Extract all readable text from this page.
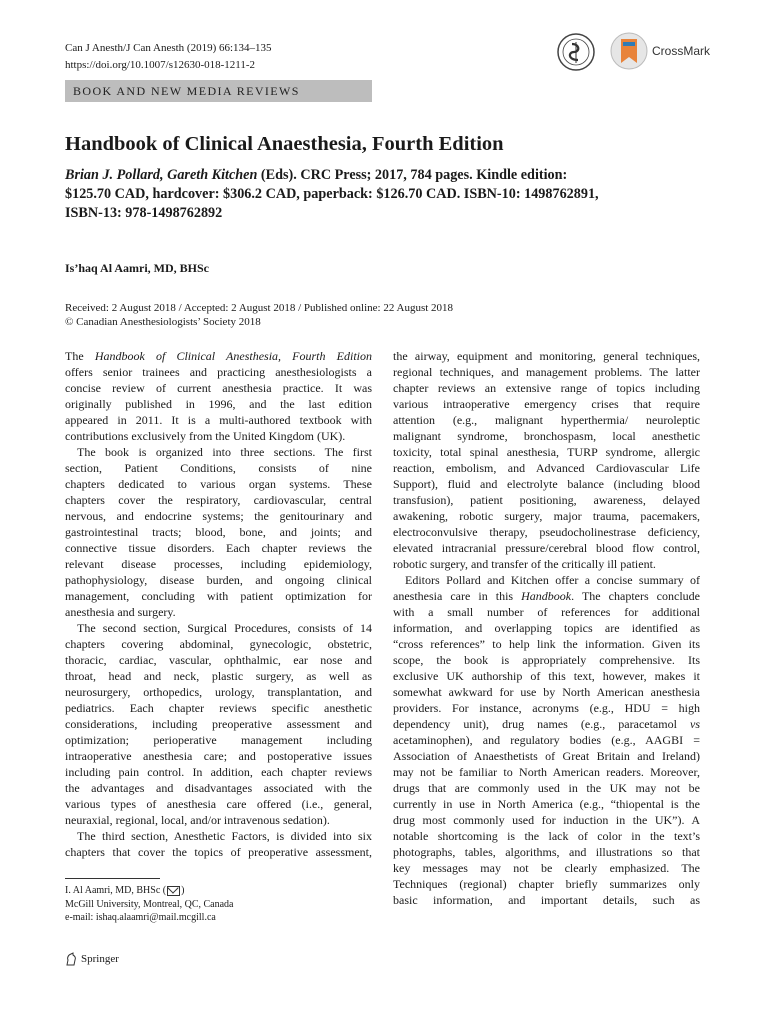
Can J Anesth/J Can Anesth (2019) 66:134–135
https://doi.org/10.1007/s12630-018-1211-2
CrossMark
BOOK AND NEW MEDIA REVIEWS
Handbook of Clinical Anaesthesia, Fourth Edition
Brian J. Pollard, Gareth Kitchen (Eds). CRC Press; 2017, 784 pages. Kindle edition:
$125.70 CAD, hardcover: $306.2 CAD, paperback: $126.70 CAD. ISBN-10: 1498762891,
ISBN-13: 978-1498762892
Is’haq Al Aamri, MD, BHSc
Received: 2 August 2018 / Accepted: 2 August 2018 / Published online: 22 August 2018
© Canadian Anesthesiologists’ Society 2018

The Handbook of Clinical Anesthesia, Fourth Edition

offers senior trainees and practicing anesthesiologists a

concise review of current anesthesia practice. It was

originally published in 1996, and the last edition

appeared in 2011. It is a multi-authored textbook with

contributions exclusively from the United Kingdom (UK).

The book is organized into three sections. The first

section, Patient Conditions, consists of nine

chapters dedicated to various organ systems. These

chapters cover the respiratory, cardiovascular, central

nervous, and endocrine systems; the genitourinary and

gastrointestinal tracts; blood, bone, and joints; and

connective tissue disorders. Each chapter reviews the

relevant disease processes, including epidemiology,

pathophysiology, disease burden, and ongoing clinical

management, concluding with patient optimization for

anesthesia and surgery.

The second section, Surgical Procedures, consists of 14

chapters covering abdominal, gynecologic, obstetric,

thoracic, cardiac, vascular, ophthalmic, ear nose and

throat, head and neck, plastic surgery, as well as

neurosurgery, orthopedics, urology, transplantation, and

pediatrics. Each chapter reviews specific anesthetic

considerations, including preoperative assessment and

optimization; perioperative management including

intraoperative anesthesia care; and postoperative issues

including pain control. In addition, each chapter reviews

the advantages and disadvantages associated with the

various types of anesthesia care offered (i.e., general,

neuraxial, regional, local, and/or intravenous sedation).

The third section, Anesthetic Factors, is divided into six

chapters that cover the topics of preoperative assessment,

the airway, equipment and monitoring, general techniques,

regional techniques, and management problems. The latter

chapter reviews an extensive range of topics including

various intraoperative emergency crises that require

attention (e.g., malignant hyperthermia/ neuroleptic

malignant syndrome, bronchospasm, local anesthetic

toxicity, total spinal anesthesia, TURP syndrome, allergic

reaction, embolism, and Advanced Cardiovascular Life

Support), fluid and electrolyte balance (including blood

transfusion), patient positioning, awareness, delayed

awakening, robotic surgery, major trauma, pacemakers,

electroconvulsive therapy, pseudocholinestrase deficiency,

elevated intracranial pressure/cerebral blood flow control,

robotic surgery, and transfer of the critically ill patient.

Editors Pollard and Kitchen offer a concise summary of

anesthesia care in this Handbook. The chapters conclude

with a small number of references for additional

information, and overlapping topics are identified as

“cross references” to help link the information. Given its

scope, the book is appropriately comprehensive. Its

exclusive UK authorship of this text, however, makes it

somewhat awkward for use by North American anesthesia

providers. For instance, acronyms (e.g., HDU = high

dependency unit), drug names (e.g., paracetamol vs

acetaminophen), and regulatory bodies (e.g., AAGBI =

Association of Anaesthetists of Great Britain and Ireland)

may not be familiar to North American readers. Moreover,

drugs that are commonly used in the UK may not be

currently in use in North America (e.g., “thiopental is the

drug most commonly used for induction in the UK”). A

notable shortcoming is the lack of color in the text’s

photographs, tables, algorithms, and illustrations so that

key messages may not be clearly emphasized. The

Techniques (regional) chapter briefly summarizes only

basic information, and important details, such as

I. Al Aamri, MD, BHSc ( )
McGill University, Montreal, QC, Canada
e-mail: ishaq.alaamri@mail.mcgill.ca
Springer
